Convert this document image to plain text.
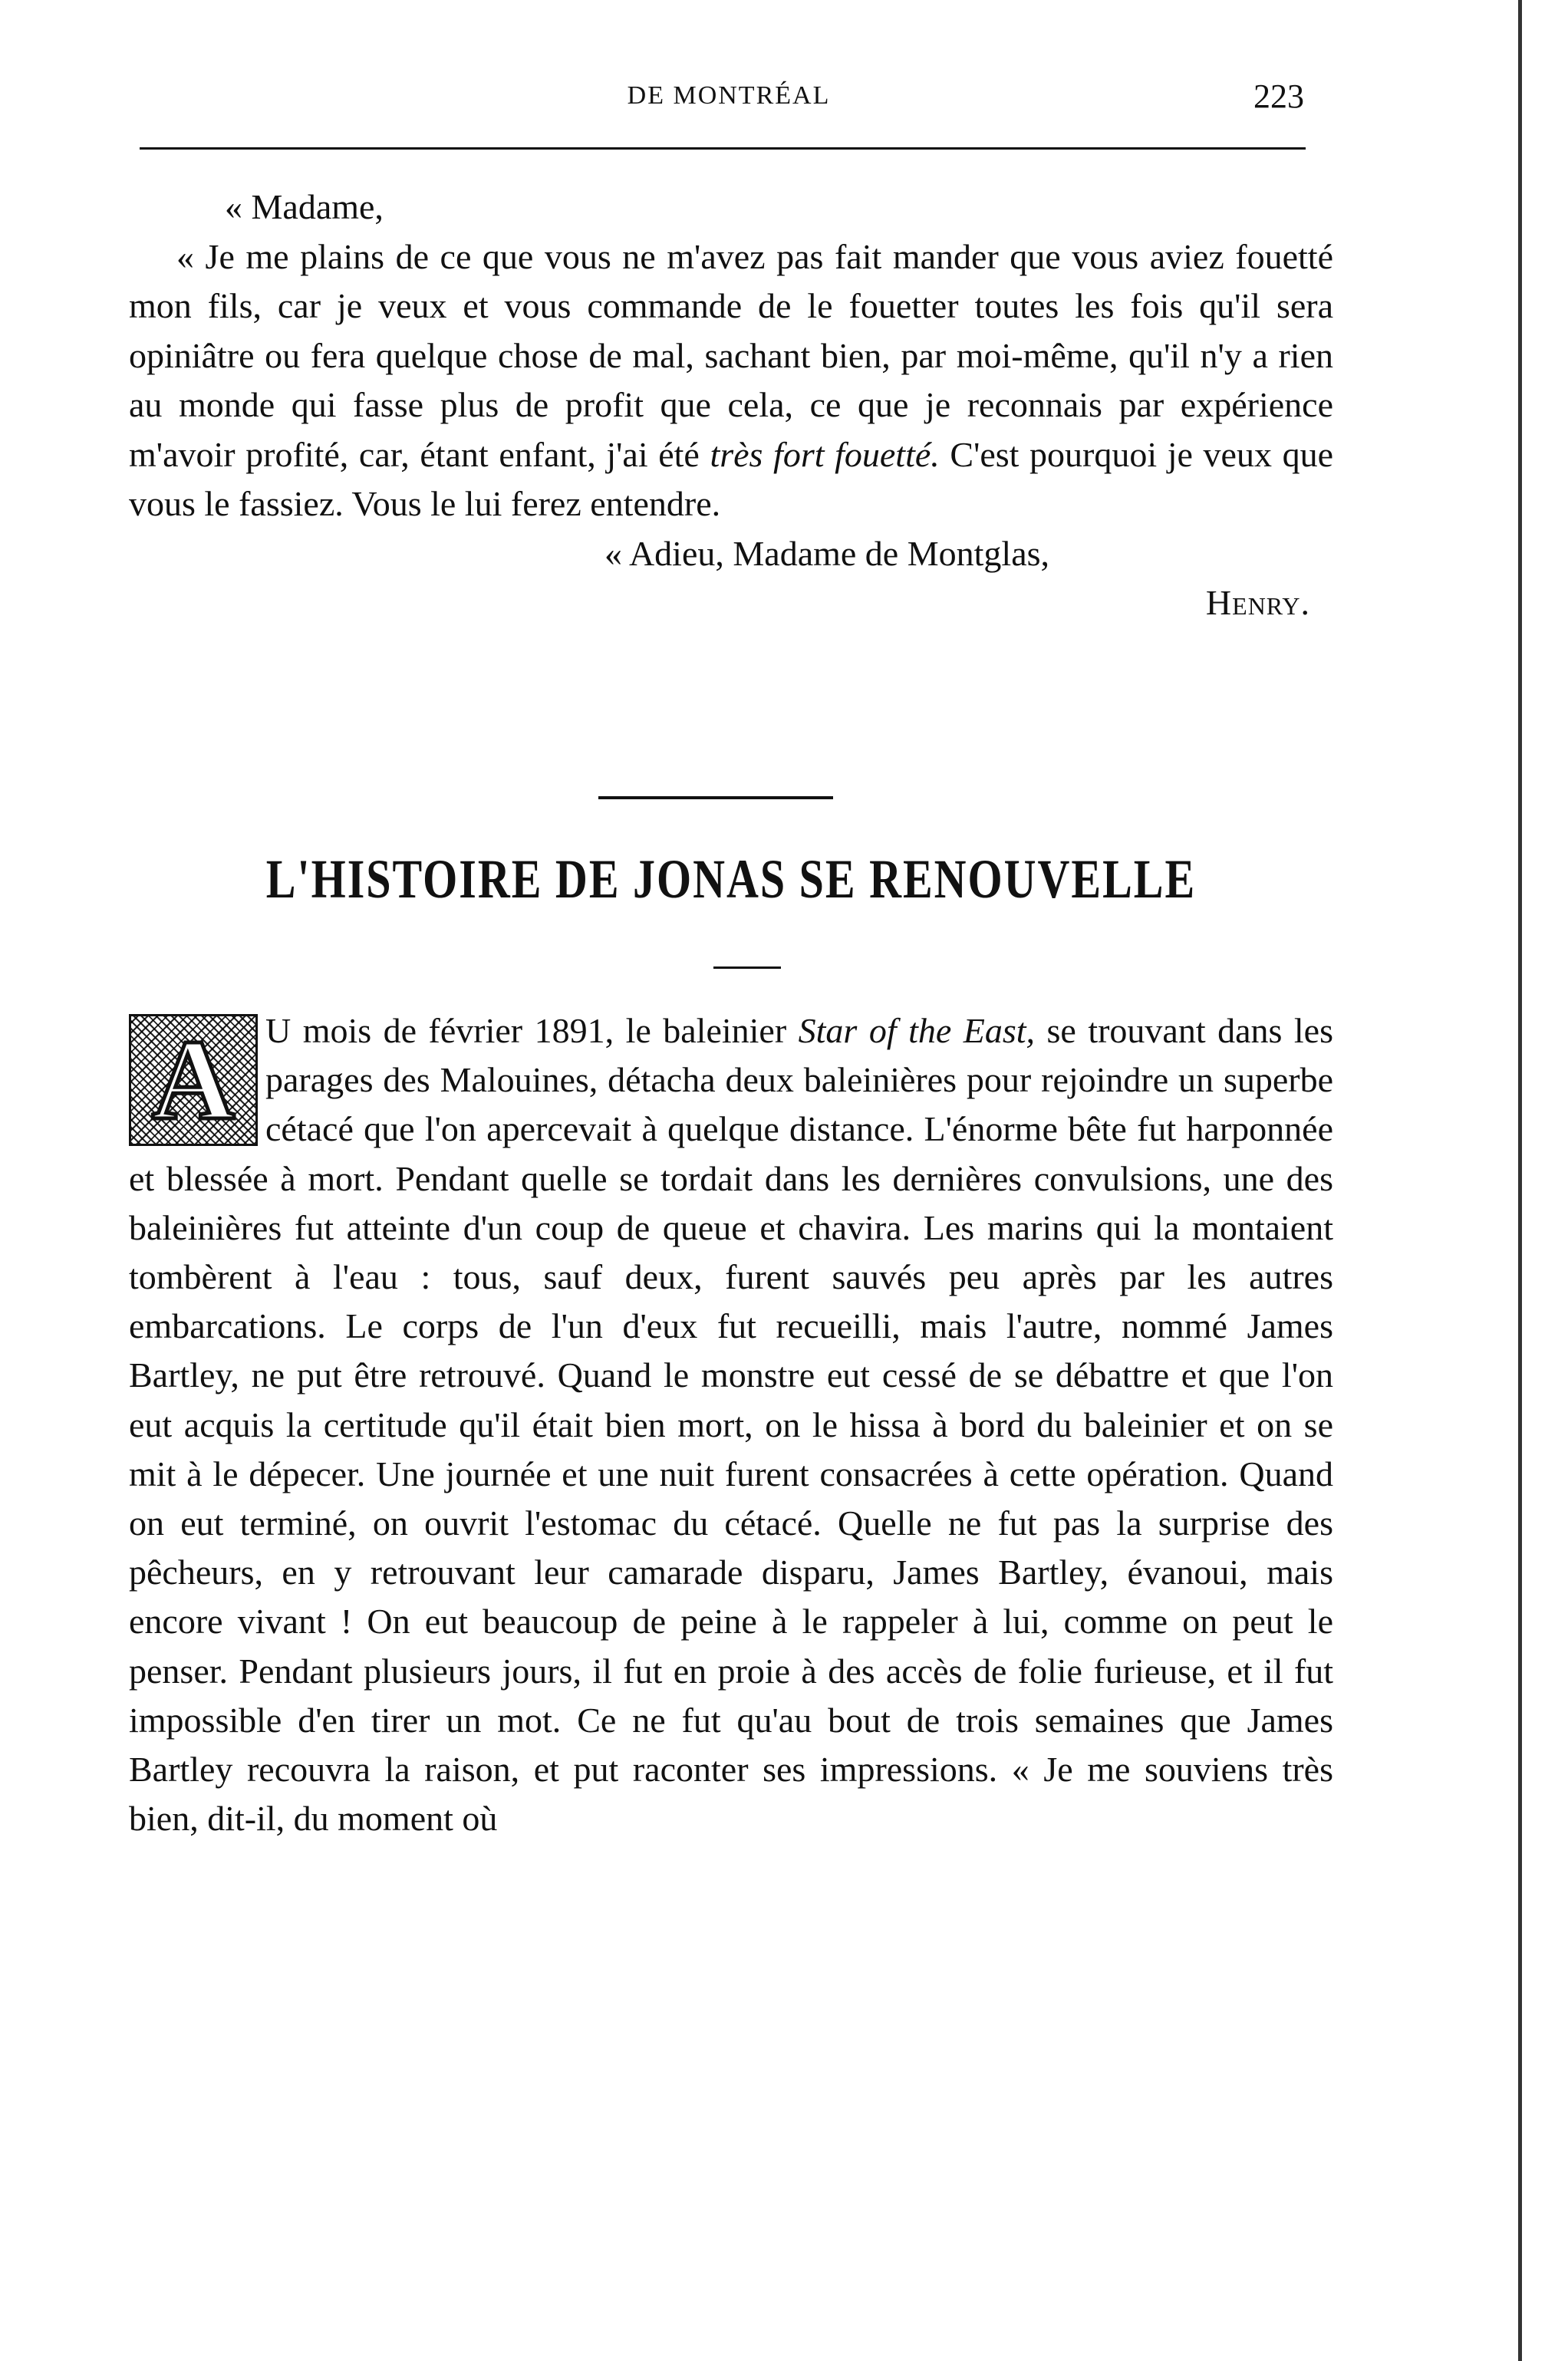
DE MONTRÉAL	223

« Madame,

« Je me plains de ce que vous ne m'avez pas fait mander que vous aviez fouetté mon fils, car je veux et vous commande de le fouetter toutes les fois qu'il sera opiniâtre ou fera quelque chose de mal, sachant bien, par moi-même, qu'il n'y a rien au monde qui fasse plus de profit que cela, ce que je reconnais par expérience m'avoir profité, car, étant enfant, j'ai été très fort fouetté. C'est pourquoi je veux que vous le fassiez. Vous le lui ferez entendre.

« Adieu, Madame de Montglas,

Henry.

L'HISTOIRE DE JONAS SE RENOUVELLE

A U mois de février 1891, le baleinier Star of the East, se trouvant dans les parages des Malouines, détacha deux baleinières pour rejoindre un superbe cétacé que l'on apercevait à quelque distance. L'énorme bête fut harponnée et blessée à mort. Pendant quelle se tordait dans les dernières convulsions, une des baleinières fut atteinte d'un coup de queue et chavira. Les marins qui la montaient tombèrent à l'eau : tous, sauf deux, furent sauvés peu après par les autres embarcations. Le corps de l'un d'eux fut recueilli, mais l'autre, nommé James Bartley, ne put être retrouvé. Quand le monstre eut cessé de se débattre et que l'on eut acquis la certitude qu'il était bien mort, on le hissa à bord du baleinier et on se mit à le dépecer. Une journée et une nuit furent consacrées à cette opération. Quand on eut terminé, on ouvrit l'estomac du cétacé. Quelle ne fut pas la surprise des pêcheurs, en y retrouvant leur camarade disparu, James Bartley, évanoui, mais encore vivant ! On eut beaucoup de peine à le rappeler à lui, comme on peut le penser. Pendant plusieurs jours, il fut en proie à des accès de folie furieuse, et il fut impossible d'en tirer un mot. Ce ne fut qu'au bout de trois semaines que James Bartley recouvra la raison, et put raconter ses impressions. « Je me souviens très bien, dit-il, du moment où
